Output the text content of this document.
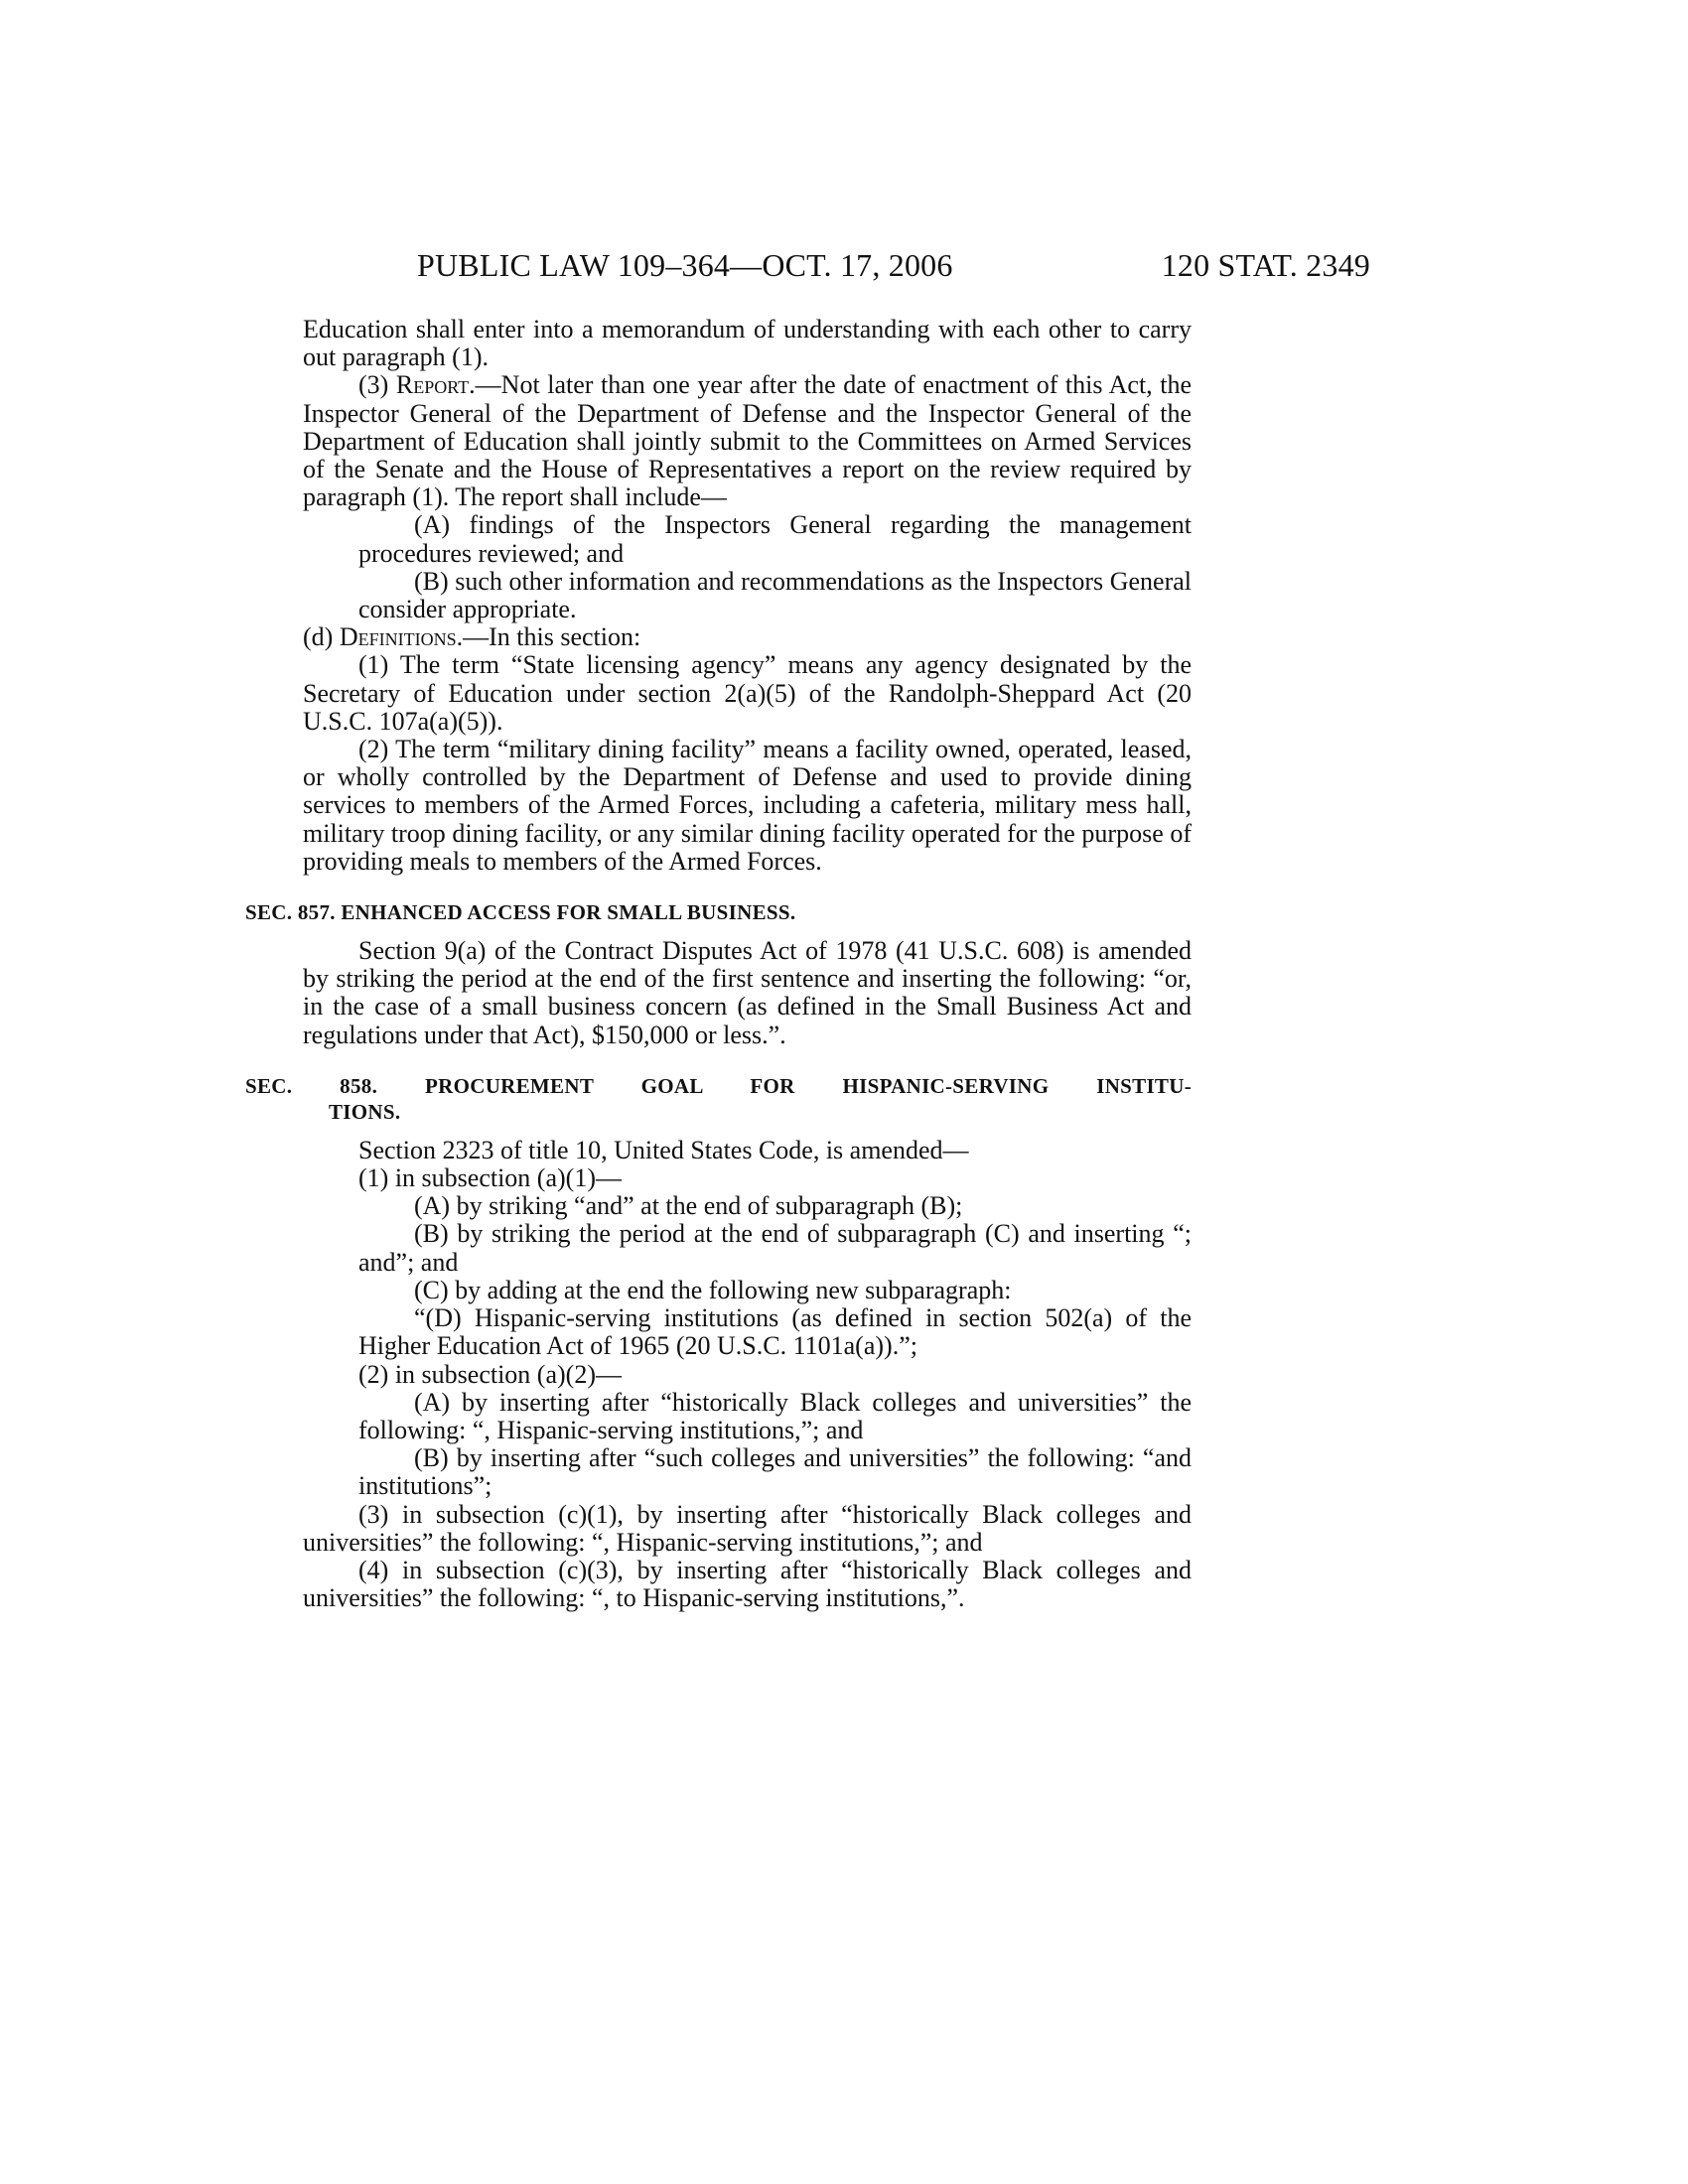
PUBLIC LAW 109–364—OCT. 17, 2006	120 STAT. 2349

Education shall enter into a memorandum of understanding with each other to carry out paragraph (1).

(3) Report.—Not later than one year after the date of enactment of this Act, the Inspector General of the Department of Defense and the Inspector General of the Department of Education shall jointly submit to the Committees on Armed Services of the Senate and the House of Representatives a report on the review required by paragraph (1). The report shall include—

(A) findings of the Inspectors General regarding the management procedures reviewed; and

(B) such other information and recommendations as the Inspectors General consider appropriate.

(d) Definitions.—In this section:

(1) The term “State licensing agency” means any agency designated by the Secretary of Education under section 2(a)(5) of the Randolph-Sheppard Act (20 U.S.C. 107a(a)(5)).

(2) The term “military dining facility” means a facility owned, operated, leased, or wholly controlled by the Department of Defense and used to provide dining services to members of the Armed Forces, including a cafeteria, military mess hall, military troop dining facility, or any similar dining facility operated for the purpose of providing meals to members of the Armed Forces.

SEC. 857. ENHANCED ACCESS FOR SMALL BUSINESS.

Section 9(a) of the Contract Disputes Act of 1978 (41 U.S.C. 608) is amended by striking the period at the end of the first sentence and inserting the following: “or, in the case of a small business concern (as defined in the Small Business Act and regulations under that Act), $150,000 or less.”.

SEC. 858. PROCUREMENT GOAL FOR HISPANIC-SERVING INSTITU-
TIONS.

Section 2323 of title 10, United States Code, is amended—

(1) in subsection (a)(1)—

(A) by striking “and” at the end of subparagraph (B);

(B) by striking the period at the end of subparagraph (C) and inserting “; and”; and

(C) by adding at the end the following new subparagraph:

“(D) Hispanic-serving institutions (as defined in section 502(a) of the Higher Education Act of 1965 (20 U.S.C. 1101a(a)).”;

(2) in subsection (a)(2)—

(A) by inserting after “historically Black colleges and universities” the following: “, Hispanic-serving institutions,”; and

(B) by inserting after “such colleges and universities” the following: “and institutions”;

(3) in subsection (c)(1), by inserting after “historically Black colleges and universities” the following: “, Hispanic-serving institutions,”; and

(4) in subsection (c)(3), by inserting after “historically Black colleges and universities” the following: “, to Hispanic-serving institutions,”.
